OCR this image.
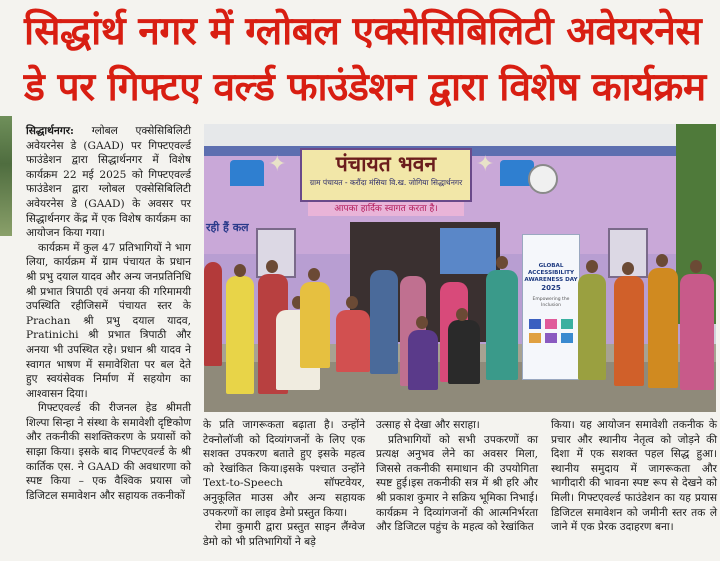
सिद्धांर्थ नगर में ग्लोबल एक्सेसिबिलिटी अवेयरनेस डे पर गिफ्टए वर्ल्ड फाउंडेशन द्वारा विशेष कार्यक्रम

सिद्धार्थनगर: ग्लोबल एक्सेसिबिलिटी अवेयरनेस डे (GAAD) पर गिफ्टएवर्ल्ड फाउंडेशन द्वारा सिद्धार्थनगर में विशेष कार्यक्रम 22 मई 2025 को गिफ्टएवर्ल्ड फाउंडेशन द्वारा ग्लोबल एक्सेसिबिलिटी अवेयरनेस डे (GAAD) के अवसर पर सिद्धार्थनगर केंद्र में एक विशेष कार्यक्रम का आयोजन किया गया।

कार्यक्रम में कुल 47 प्रतिभागियों ने भाग लिया, कार्यक्रम में ग्राम पंचायत के प्रधान श्री प्रभु दयाल यादव और अन्य जनप्रतिनिधि श्री प्रभात त्रिपाठी एवं अनया की गरिमामयी उपस्थिति रहीजिसमें पंचायत स्तर के Prachan श्री प्रभु दयाल यादव, Pratinichi श्री प्रभात त्रिपाठी और अनया भी उपस्थित रहे। प्रधान श्री यादव ने स्वागत भाषण में समावेशिता पर बल देते हुए स्वयंसेवक निर्माण में सहयोग का आश्वासन दिया।

गिफ्टएवर्ल्ड की रीजनल हेड श्रीमती शिल्पा सिन्हा ने संस्था के समावेशी दृष्टिकोण और तकनीकी सशक्तिकरण के प्रयासों को साझा किया। इसके बाद गिफ्टएवर्ल्ड के श्री कार्तिक एस. ने GAAD की अवधारणा को स्पष्ट किया – एक वैश्विक प्रयास जो डिजिटल समावेशन और सहायक तकनीकों

✦	✦
पंचायत भवन
ग्राम पंचायत - करौंदा मंसिया वि.ख. जोगिया सिद्धार्थनगर
आपका हार्दिक स्वागत करता है।
रही हैं कल
GLOBAL ACCESSIBILITY AWARENESS DAY
2025
Empowering the Inclusion

के प्रति जागरूकता बढ़ाता है। उन्होंने टेक्नोलॉजी को दिव्यांगजनों के लिए एक सशक्त उपकरण बताते हुए इसके महत्व को रेखांकित किया।इसके पश्चात उन्होंने Text-to-Speech सॉफ्टवेयर, अनुकूलित माउस और अन्य सहायक उपकरणों का लाइव डेमो प्रस्तुत किया।

रोमा कुमारी द्वारा प्रस्तुत साइन लैंग्वेज डेमो को भी प्रतिभागियों ने बड़े

उत्साह से देखा और सराहा।

प्रतिभागियों को सभी उपकरणों का प्रत्यक्ष अनुभव लेने का अवसर मिला, जिससे तकनीकी समाधान की उपयोगिता स्पष्ट हुई।इस तकनीकी सत्र में श्री हरि और श्री प्रकाश कुमार ने सक्रिय भूमिका निभाई। कार्यक्रम ने दिव्यांगजनों की आत्मनिर्भरता और डिजिटल पहुंच के महत्व को रेखांकित

किया। यह आयोजन समावेशी तकनीक के प्रचार और स्थानीय नेतृत्व को जोड़ने की दिशा में एक सशक्त पहल सिद्ध हुआ। स्थानीय समुदाय में जागरूकता और भागीदारी की भावना स्पष्ट रूप से देखने को मिली। गिफ्टएवर्ल्ड फाउंडेशन का यह प्रयास डिजिटल समावेशन को जमीनी स्तर तक ले जाने में एक प्रेरक उदाहरण बना।
